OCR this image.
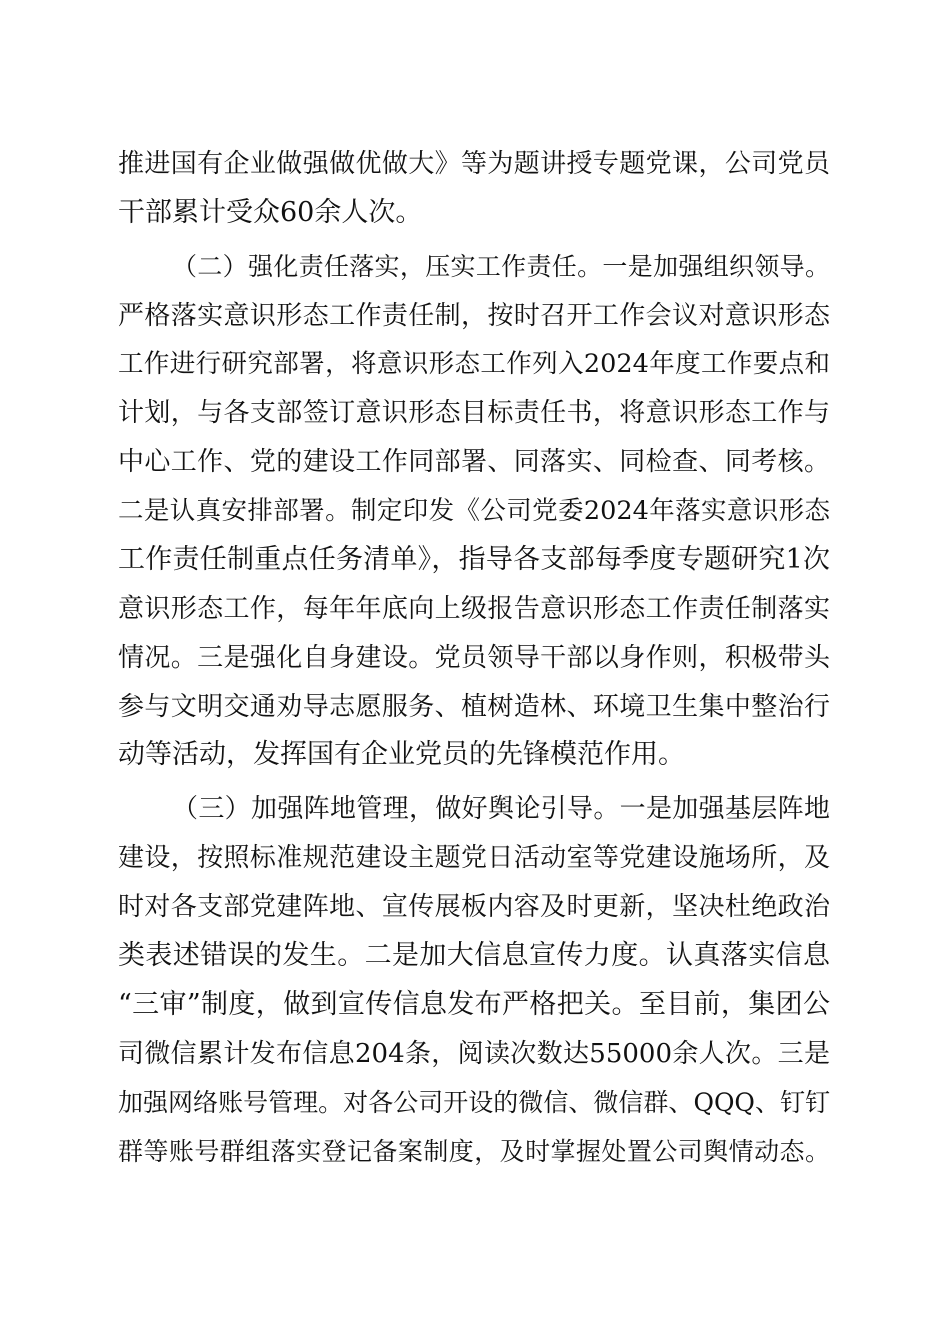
推进国有企业做强做优做大》等为题讲授专题党课，公司党员
干部累计受众60余人次。
（二）强化责任落实，压实工作责任。一是加强组织领导。
严格落实意识形态工作责任制，按时召开工作会议对意识形态
工作进行研究部署，将意识形态工作列入2024年度工作要点和
计划，与各支部签订意识形态目标责任书，将意识形态工作与
中心工作、党的建设工作同部署、同落实、同检查、同考核。
二是认真安排部署。制定印发《公司党委2024年落实意识形态
工作责任制重点任务清单》，指导各支部每季度专题研究1次
意识形态工作，每年年底向上级报告意识形态工作责任制落实
情况。三是强化自身建设。党员领导干部以身作则，积极带头
参与文明交通劝导志愿服务、植树造林、环境卫生集中整治行
动等活动，发挥国有企业党员的先锋模范作用。
（三）加强阵地管理，做好舆论引导。一是加强基层阵地
建设，按照标准规范建设主题党日活动室等党建设施场所，及
时对各支部党建阵地、宣传展板内容及时更新，坚决杜绝政治
类表述错误的发生。二是加大信息宣传力度。认真落实信息
“三审”制度，做到宣传信息发布严格把关。至目前，集团公
司微信累计发布信息204条，阅读次数达55000余人次。三是
加强网络账号管理。对各公司开设的微信、微信群、QQQ、钉钉
群等账号群组落实登记备案制度，及时掌握处置公司舆情动态。
